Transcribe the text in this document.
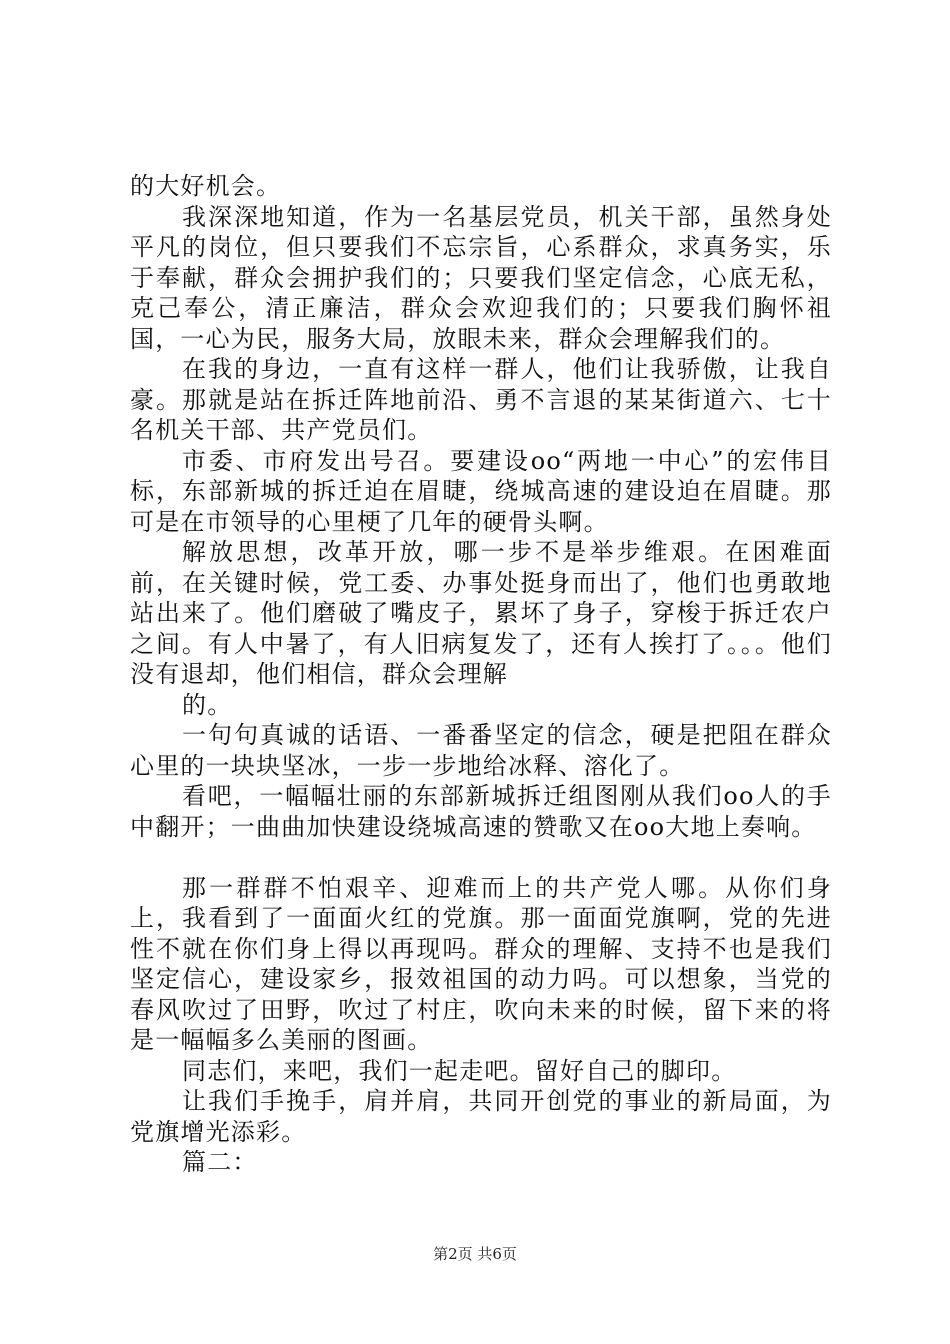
的大好机会。

我深深地知道，作为一名基层党员，机关干部，虽然身处平凡的岗位，但只要我们不忘宗旨，心系群众，求真务实，乐于奉献，群众会拥护我们的；只要我们坚定信念，心底无私，克己奉公，清正廉洁，群众会欢迎我们的；只要我们胸怀祖国，一心为民，服务大局，放眼未来，群众会理解我们的。

在我的身边，一直有这样一群人，他们让我骄傲，让我自豪。那就是站在拆迁阵地前沿、勇不言退的某某街道六、七十名机关干部、共产党员们。

市委、市府发出号召。要建设oo“两地一中心”的宏伟目标，东部新城的拆迁迫在眉睫，绕城高速的建设迫在眉睫。那可是在市领导的心里梗了几年的硬骨头啊。

解放思想，改革开放，哪一步不是举步维艰。在困难面前，在关键时候，党工委、办事处挺身而出了，他们也勇敢地站出来了。他们磨破了嘴皮子，累坏了身子，穿梭于拆迁农户之间。有人中暑了，有人旧病复发了，还有人挨打了。。。他们没有退却，他们相信，群众会理解

的。

一句句真诚的话语、一番番坚定的信念，硬是把阻在群众心里的一块块坚冰，一步一步地给冰释、溶化了。

看吧，一幅幅壮丽的东部新城拆迁组图刚从我们oo人的手中翻开；一曲曲加快建设绕城高速的赞歌又在oo大地上奏响。

那一群群不怕艰辛、迎难而上的共产党人哪。从你们身上，我看到了一面面火红的党旗。那一面面党旗啊，党的先进性不就在你们身上得以再现吗。群众的理解、支持不也是我们坚定信心，建设家乡，报效祖国的动力吗。可以想象，当党的春风吹过了田野，吹过了村庄，吹向未来的时候，留下来的将是一幅幅多么美丽的图画。

同志们，来吧，我们一起走吧。留好自己的脚印。

让我们手挽手，肩并肩，共同开创党的事业的新局面，为党旗增光添彩。

篇二：

第2页 共6页
